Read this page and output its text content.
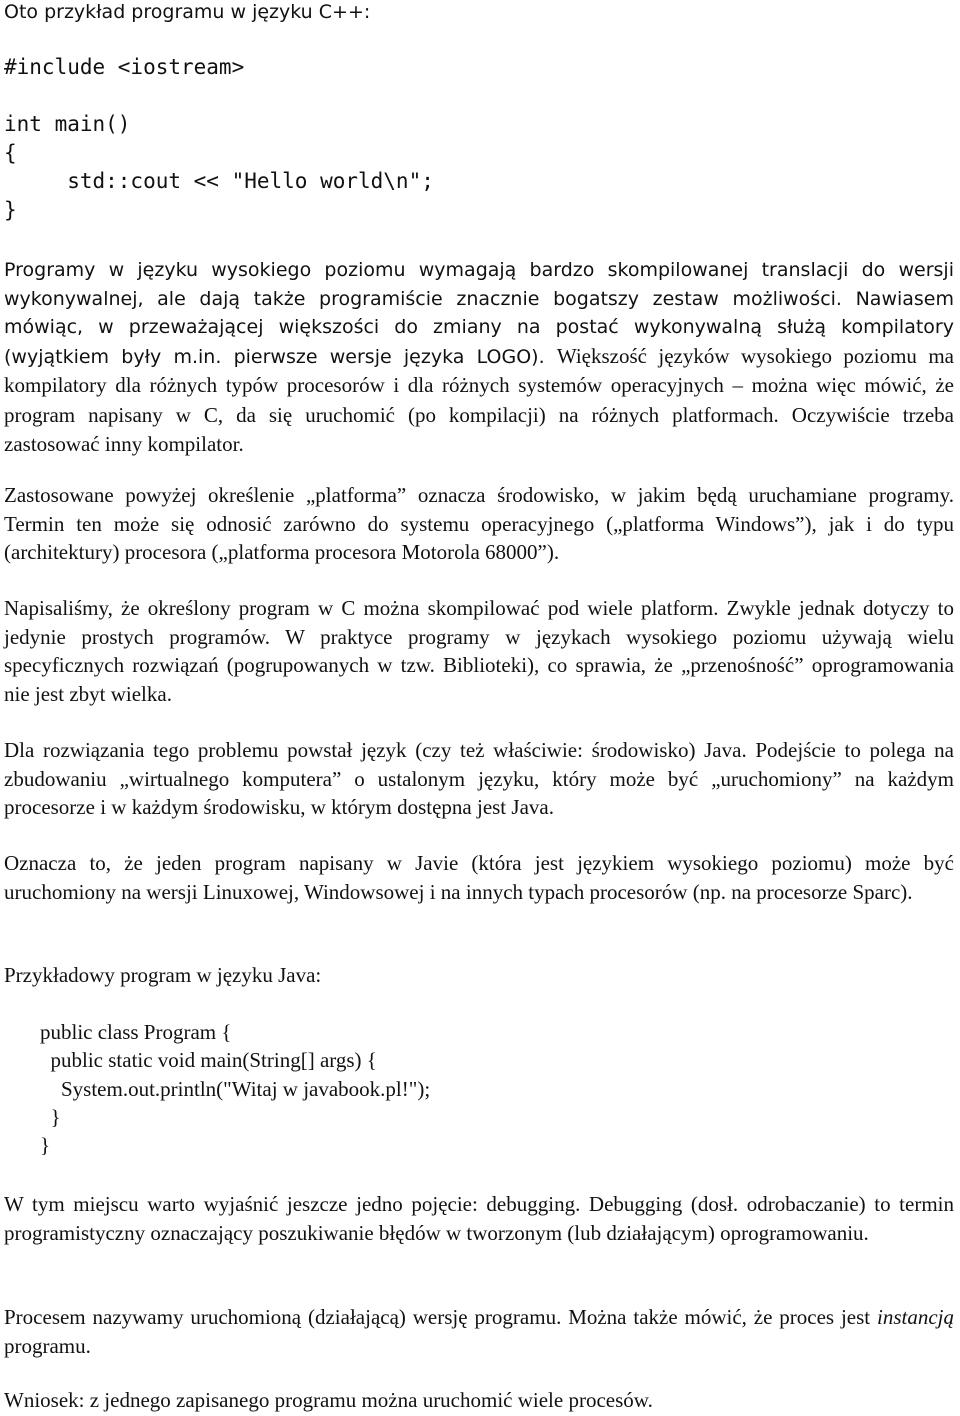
Oto przykład programu w języku C++:
#include <iostream>
int main()
{
std::cout << "Hello world\n";
}

Programy w języku wysokiego poziomu wymagają bardzo skompilowanej translacji do wersji wykonywalnej, ale dają także programiście znacznie bogatszy zestaw możliwości. Nawiasem mówiąc, w przeważającej większości do zmiany na postać wykonywalną służą kompilatory (wyjątkiem były m.in. pierwsze wersje języka LOGO). Większość języków wysokiego poziomu ma kompilatory dla różnych typów procesorów i dla różnych systemów operacyjnych – można więc mówić, że program napisany w C, da się uruchomić (po kompilacji) na różnych platformach. Oczywiście trzeba zastosować inny kompilator.

Zastosowane powyżej określenie „platforma” oznacza środowisko, w jakim będą uruchamiane programy. Termin ten może się odnosić zarówno do systemu operacyjnego („platforma Windows”), jak i do typu (architektury) procesora („platforma procesora Motorola 68000”).

Napisaliśmy, że określony program w C można skompilować pod wiele platform. Zwykle jednak dotyczy to jedynie prostych programów. W praktyce programy w językach wysokiego poziomu używają wielu specyficznych rozwiązań (pogrupowanych w tzw. Biblioteki), co sprawia, że „przenośność” oprogramowania nie jest zbyt wielka.

Dla rozwiązania tego problemu powstał język (czy też właściwie: środowisko) Java. Podejście to polega na zbudowaniu „wirtualnego komputera” o ustalonym języku, który może być „uruchomiony” na każdym procesorze i w każdym środowisku, w którym dostępna jest Java.

Oznacza to, że jeden program napisany w Javie (która jest językiem wysokiego poziomu) może być uruchomiony na wersji Linuxowej, Windowsowej i na innych typach procesorów (np. na procesorze Sparc).

Przykładowy program w języku Java:
public class Program {
public static void main(String[] args) {
System.out.println("Witaj w javabook.pl!");
}
}

W tym miejscu warto wyjaśnić jeszcze jedno pojęcie: debugging. Debugging (dosł. odrobaczanie) to termin programistyczny oznaczający poszukiwanie błędów w tworzonym (lub działającym) oprogramowaniu.

Procesem nazywamy uruchomioną (działającą) wersję programu. Można także mówić, że proces jest instancją programu.

Wniosek: z jednego zapisanego programu można uruchomić wiele procesów.
